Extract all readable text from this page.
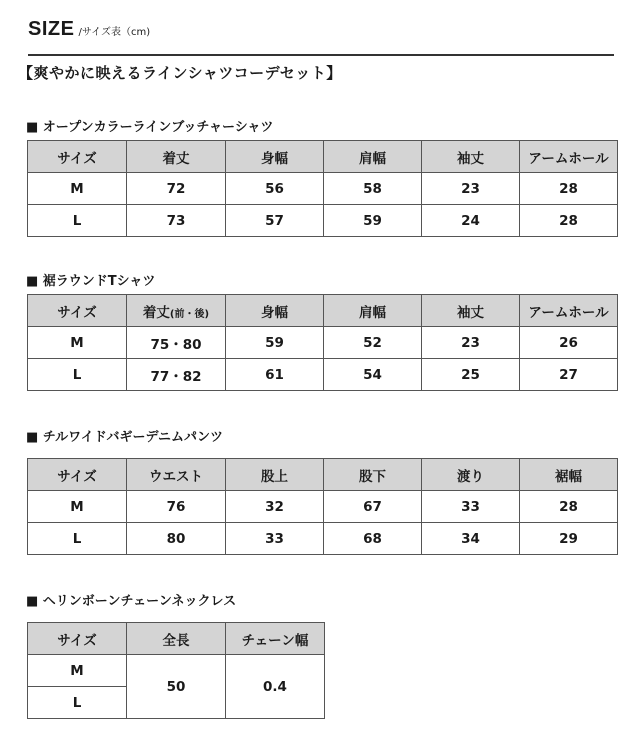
SIZE /サイズ表（cm)
【爽やかに映えるラインシャツコーデセット】
■ オープンカラーラインブッチャーシャツ
サイズ	着丈	身幅	肩幅	袖丈	アームホール
M	72	56	58	23	28
L	73	57	59	24	28
■ 裾ラウンドTシャツ
サイズ	着丈(前・後)	身幅	肩幅	袖丈	アームホール
M	75・80	59	52	23	26
L	77・82	61	54	25	27
■ チルワイドバギーデニムパンツ
サイズ	ウエスト	股上	股下	渡り	裾幅
M	76	32	67	33	28
L	80	33	68	34	29
■ ヘリンボーンチェーンネックレス
サイズ	全長	チェーン幅
M	50	0.4
L		
